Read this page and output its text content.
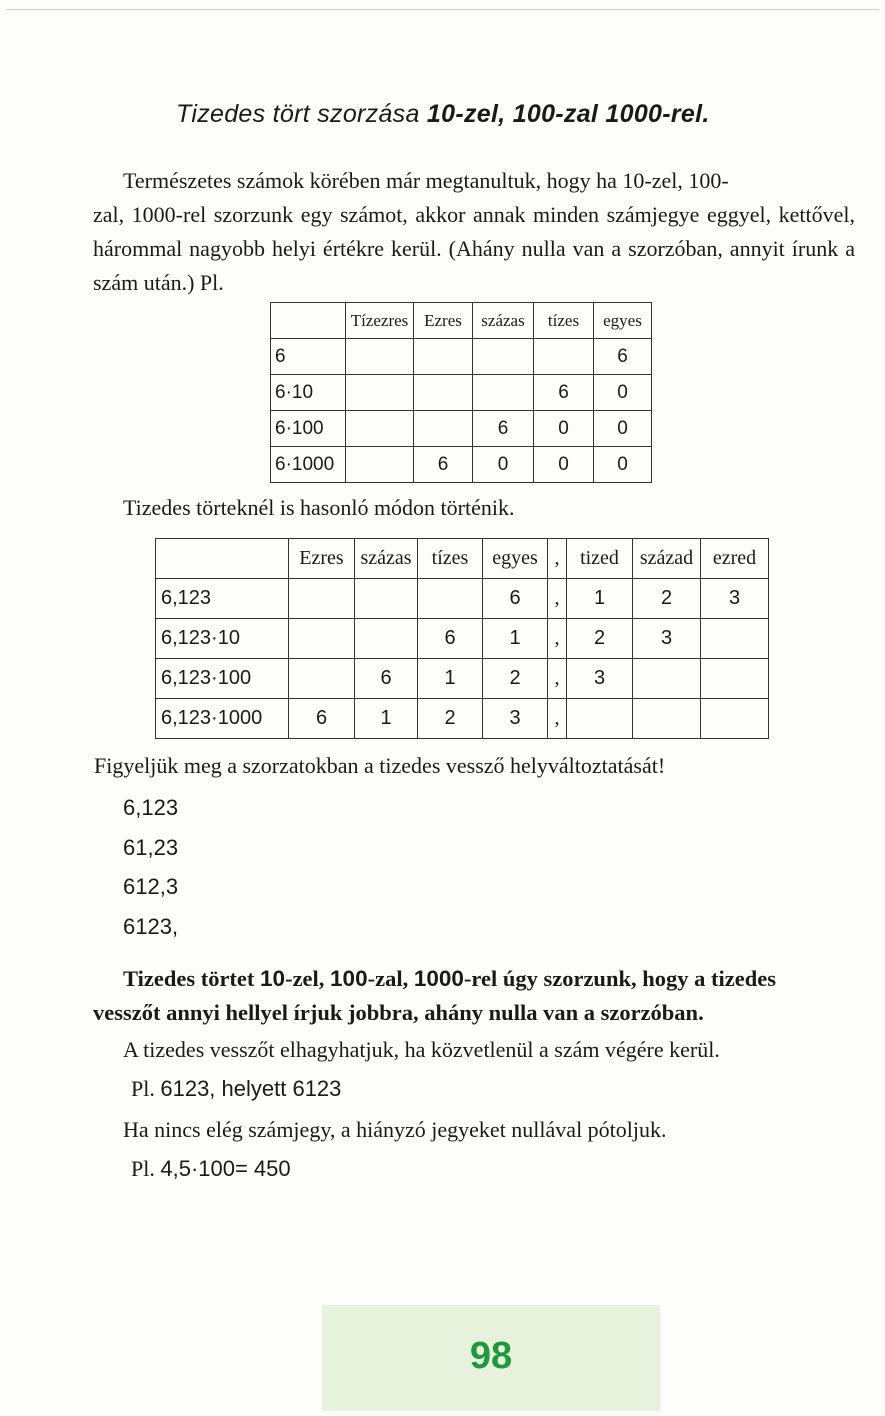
Tizedes tört szorzása 10-zel, 100-zal 1000-rel.
Természetes számok körében már megtanultuk, hogy ha 10-zel, 100-
zal, 1000-rel szorzunk egy számot, akkor annak minden számjegye eggyel, kettővel, hárommal nagyobb helyi értékre kerül. (Ahány nulla van a szorzóban, annyit írunk a szám után.) Pl.
	Tízezres	Ezres	százas	tízes	egyes
6					6
6·10				6	0
6·100			6	0	0
6·1000		6	0	0	0
Tizedes törteknél is hasonló módon történik.
	Ezres	százas	tízes	egyes	,	tized	század	ezred
6,123				6	,	1	2	3
6,123·10			6	1	,	2	3	
6,123·100		6	1	2	,	3		
6,123·1000	6	1	2	3	,			
Figyeljük meg a szorzatokban a tizedes vessző helyváltoztatását!
6,123
61,23
612,3
6123,
Tizedes törtet 10-zel, 100-zal, 1000-rel úgy szorzunk, hogy a tizedes
vesszőt annyi hellyel írjuk jobbra, ahány nulla van a szorzóban.
A tizedes vesszőt elhagyhatjuk, ha közvetlenül a szám végére kerül.
Pl. 6123, helyett 6123
Ha nincs elég számjegy, a hiányzó jegyeket nullával pótoljuk.
Pl. 4,5·100= 450
98
